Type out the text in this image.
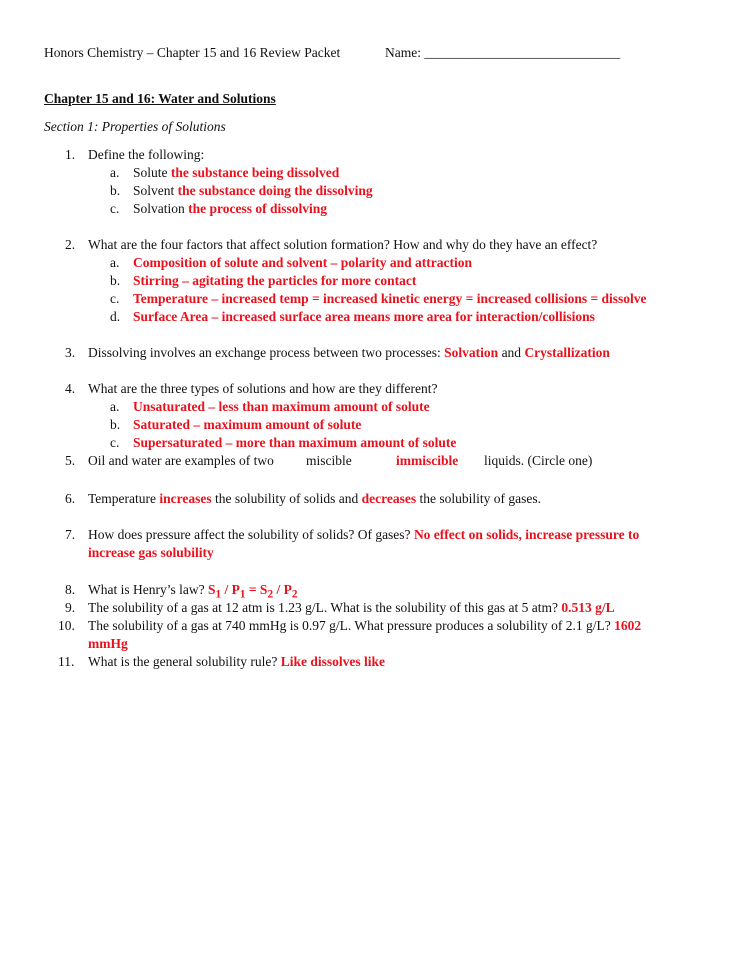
Honors Chemistry – Chapter 15 and 16 Review Packet	Name: _____________________________
Chapter 15 and 16: Water and Solutions
Section 1: Properties of Solutions
1. Define the following:
a. Solute the substance being dissolved
b. Solvent the substance doing the dissolving
c. Solvation the process of dissolving
2. What are the four factors that affect solution formation? How and why do they have an effect?
a. Composition of solute and solvent – polarity and attraction
b. Stirring – agitating the particles for more contact
c. Temperature – increased temp = increased kinetic energy = increased collisions = dissolve
d. Surface Area – increased surface area means more area for interaction/collisions
3. Dissolving involves an exchange process between two processes: Solvation and Crystallization
4. What are the three types of solutions and how are they different?
a. Unsaturated – less than maximum amount of solute
b. Saturated – maximum amount of solute
c. Supersaturated – more than maximum amount of solute
5. Oil and water are examples of two miscible	immiscible liquids. (Circle one)
6. Temperature increases the solubility of solids and decreases the solubility of gases.
7. How does pressure affect the solubility of solids? Of gases? No effect on solids, increase pressure to
increase gas solubility
8. What is Henry’s law? $S_1 / P_1 = S_2 / P_2$
9. The solubility of a gas at 12 atm is 1.23 g/L. What is the solubility of this gas at 5 atm? 0.513 g/L
10. The solubility of a gas at 740 mmHg is 0.97 g/L. What pressure produces a solubility of 2.1 g/L? 1602
mmHg
11. What is the general solubility rule? Like dissolves like
